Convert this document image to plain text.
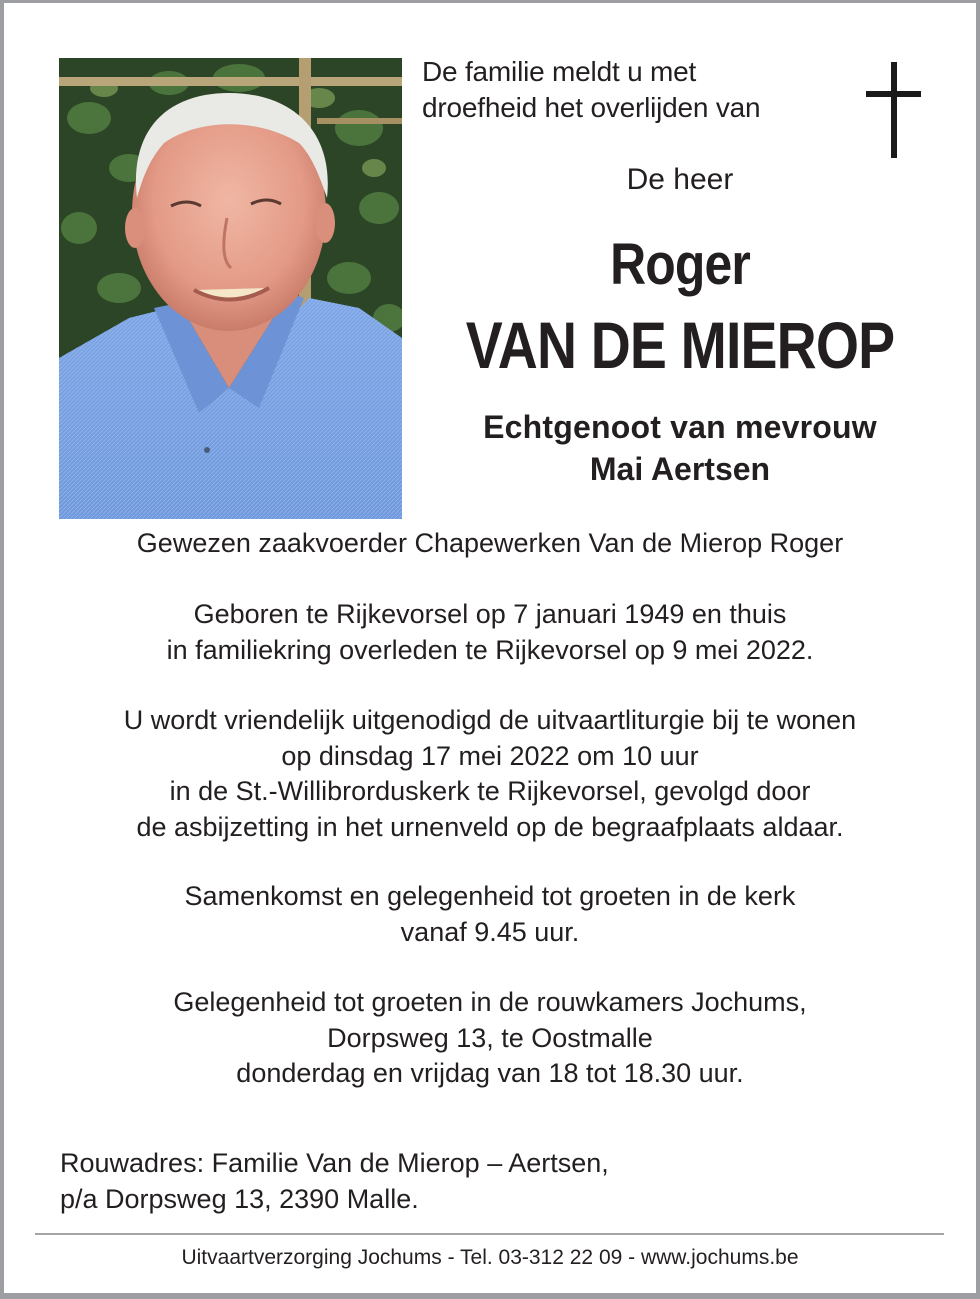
De familie meldt u met
droefheid het overlijden van
De heer
Roger
VAN DE MIEROP
Echtgenoot van mevrouw
Mai Aertsen

Gewezen zaakvoerder Chapewerken Van de Mierop Roger

Geboren te Rijkevorsel op 7 januari 1949 en thuis

in familiekring overleden te Rijkevorsel op 9 mei 2022.

U wordt vriendelijk uitgenodigd de uitvaartliturgie bij te wonen

op dinsdag 17 mei 2022 om 10 uur

in de St.-Willibrorduskerk te Rijkevorsel, gevolgd door

de asbijzetting in het urnenveld op de begraafplaats aldaar.

Samenkomst en gelegenheid tot groeten in de kerk

vanaf 9.45 uur.

Gelegenheid tot groeten in de rouwkamers Jochums,

Dorpsweg 13, te Oostmalle

donderdag en vrijdag van 18 tot 18.30 uur.

Rouwadres: Familie Van de Mierop – Aertsen,

p/a Dorpsweg 13, 2390 Malle.

Uitvaartverzorging Jochums - Tel. 03-312 22 09 - www.jochums.be
